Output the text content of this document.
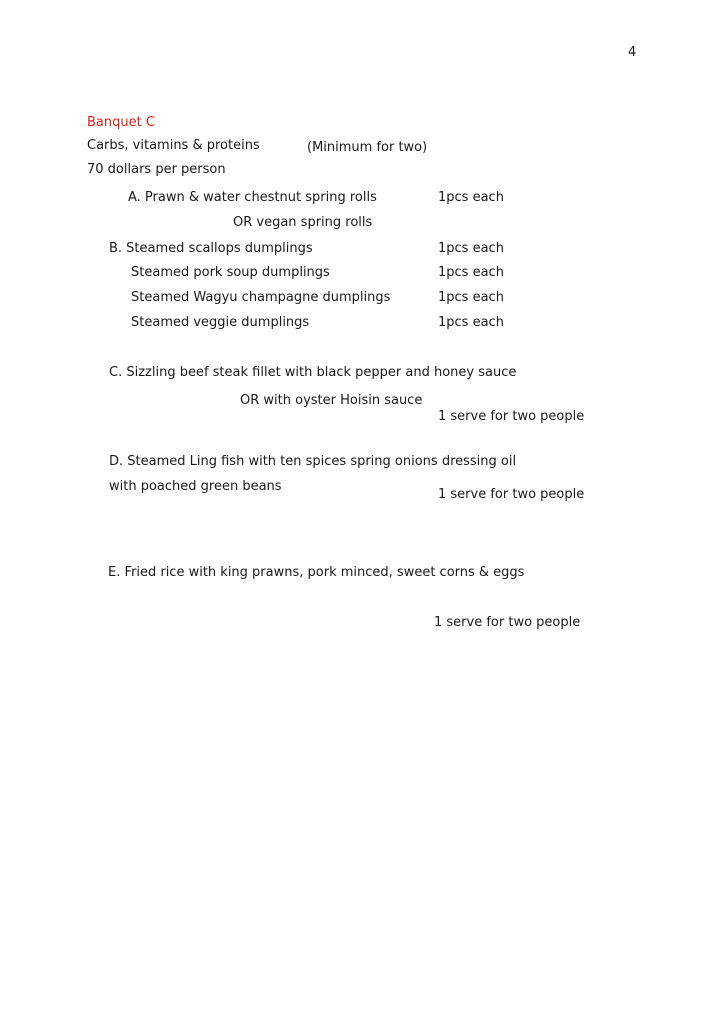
4
Banquet C
Carbs, vitamins & proteins	(Minimum for two)
70 dollars per person
A. Prawn & water chestnut spring rolls	1pcs each
OR vegan spring rolls
B. Steamed scallops dumplings	1pcs each
Steamed pork soup dumplings	1pcs each
Steamed Wagyu champagne dumplings	1pcs each
Steamed veggie dumplings	1pcs each
C. Sizzling beef steak fillet with black pepper and honey sauce
OR with oyster Hoisin sauce
1 serve for two people
D. Steamed Ling fish with ten spices spring onions dressing oil
with poached green beans
1 serve for two people
E. Fried rice with king prawns, pork minced, sweet corns & eggs
1 serve for two people
